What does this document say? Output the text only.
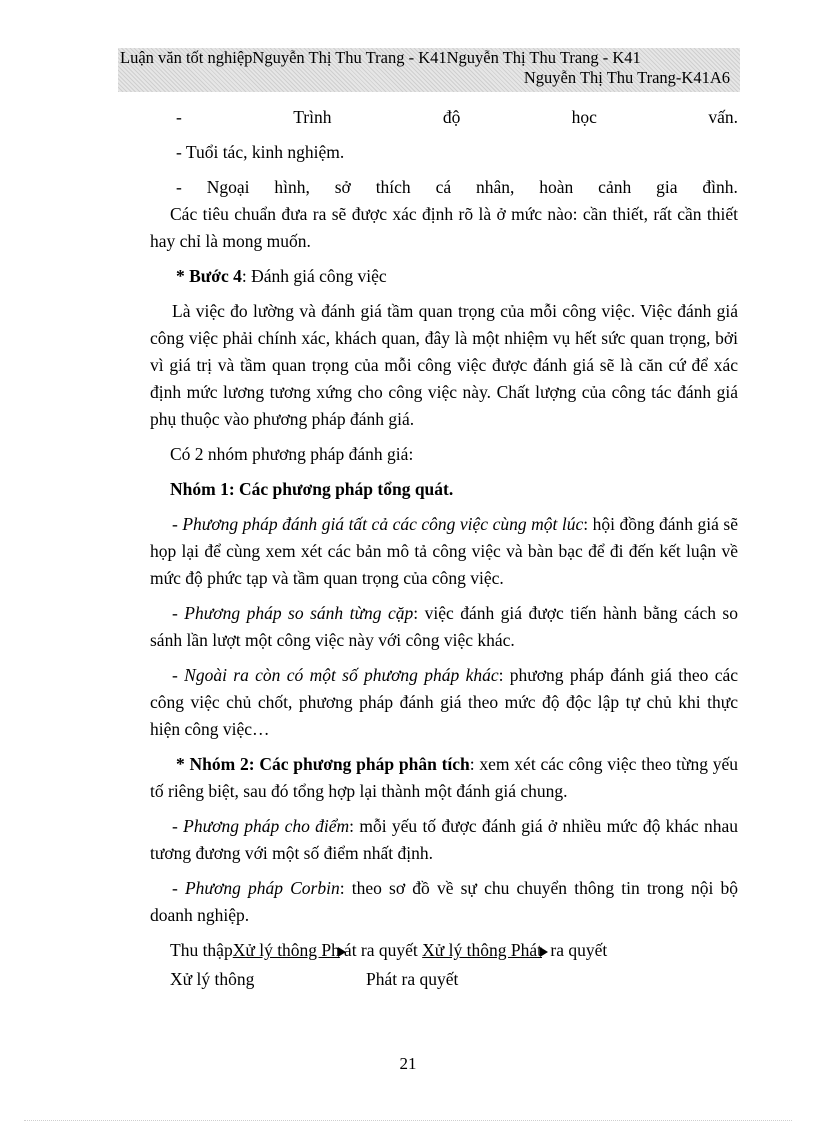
Luận văn tốt nghiệpNguyễn Thị Thu Trang - K41Nguyễn Thị Thu Trang - K41
Nguyễn Thị Thu Trang-K41A6

-	Trình	độ	học	vấn.

- Tuổi tác, kinh nghiệm.

- Ngoại hình, sở thích cá nhân, hoàn cảnh gia đình.

Các tiêu chuẩn đưa ra sẽ được xác định rõ là ở mức nào: cần thiết, rất cần thiết hay chỉ là mong muốn.

* Bước 4: Đánh giá công việc

Là việc đo lường và đánh giá tầm quan trọng của mỗi công việc. Việc đánh giá công việc phải chính xác, khách quan, đây là một nhiệm vụ hết sức quan trọng, bởi vì giá trị và tầm quan trọng của mỗi công việc được đánh giá sẽ là căn cứ để xác định mức lương tương xứng cho công việc này. Chất lượng của công tác đánh giá phụ thuộc vào phương pháp đánh giá.

Có 2 nhóm phương pháp đánh giá:

Nhóm 1: Các phương pháp tổng quát.

- Phương pháp đánh giá tất cả các công việc cùng một lúc: hội đồng đánh giá sẽ họp lại để cùng xem xét các bản mô tả công việc và bàn bạc để đi đến kết luận về mức độ phức tạp và tầm quan trọng của công việc.

- Phương pháp so sánh từng cặp: việc đánh giá được tiến hành bằng cách so sánh lần lượt một công việc này với công việc khác.

- Ngoài ra còn có một số phương pháp khác: phương pháp đánh giá theo các công việc chủ chốt, phương pháp đánh giá theo mức độ độc lập tự chủ khi thực hiện công việc…

* Nhóm 2: Các phương pháp phân tích: xem xét các công việc theo từng yếu tố riêng biệt, sau đó tổng hợp lại thành một đánh giá chung.

- Phương pháp cho điểm: mỗi yếu tố được đánh giá ở nhiều mức độ khác nhau tương đương với một số điểm nhất định.

- Phương pháp Corbin: theo sơ đồ về sự chu chuyển thông tin trong nội bộ doanh nghiệp.

Thu thậpXử lý thông Ph át ra quyết Xử lý thông Phát ra quyết
Xử lý thông	Phát ra quyết
21
